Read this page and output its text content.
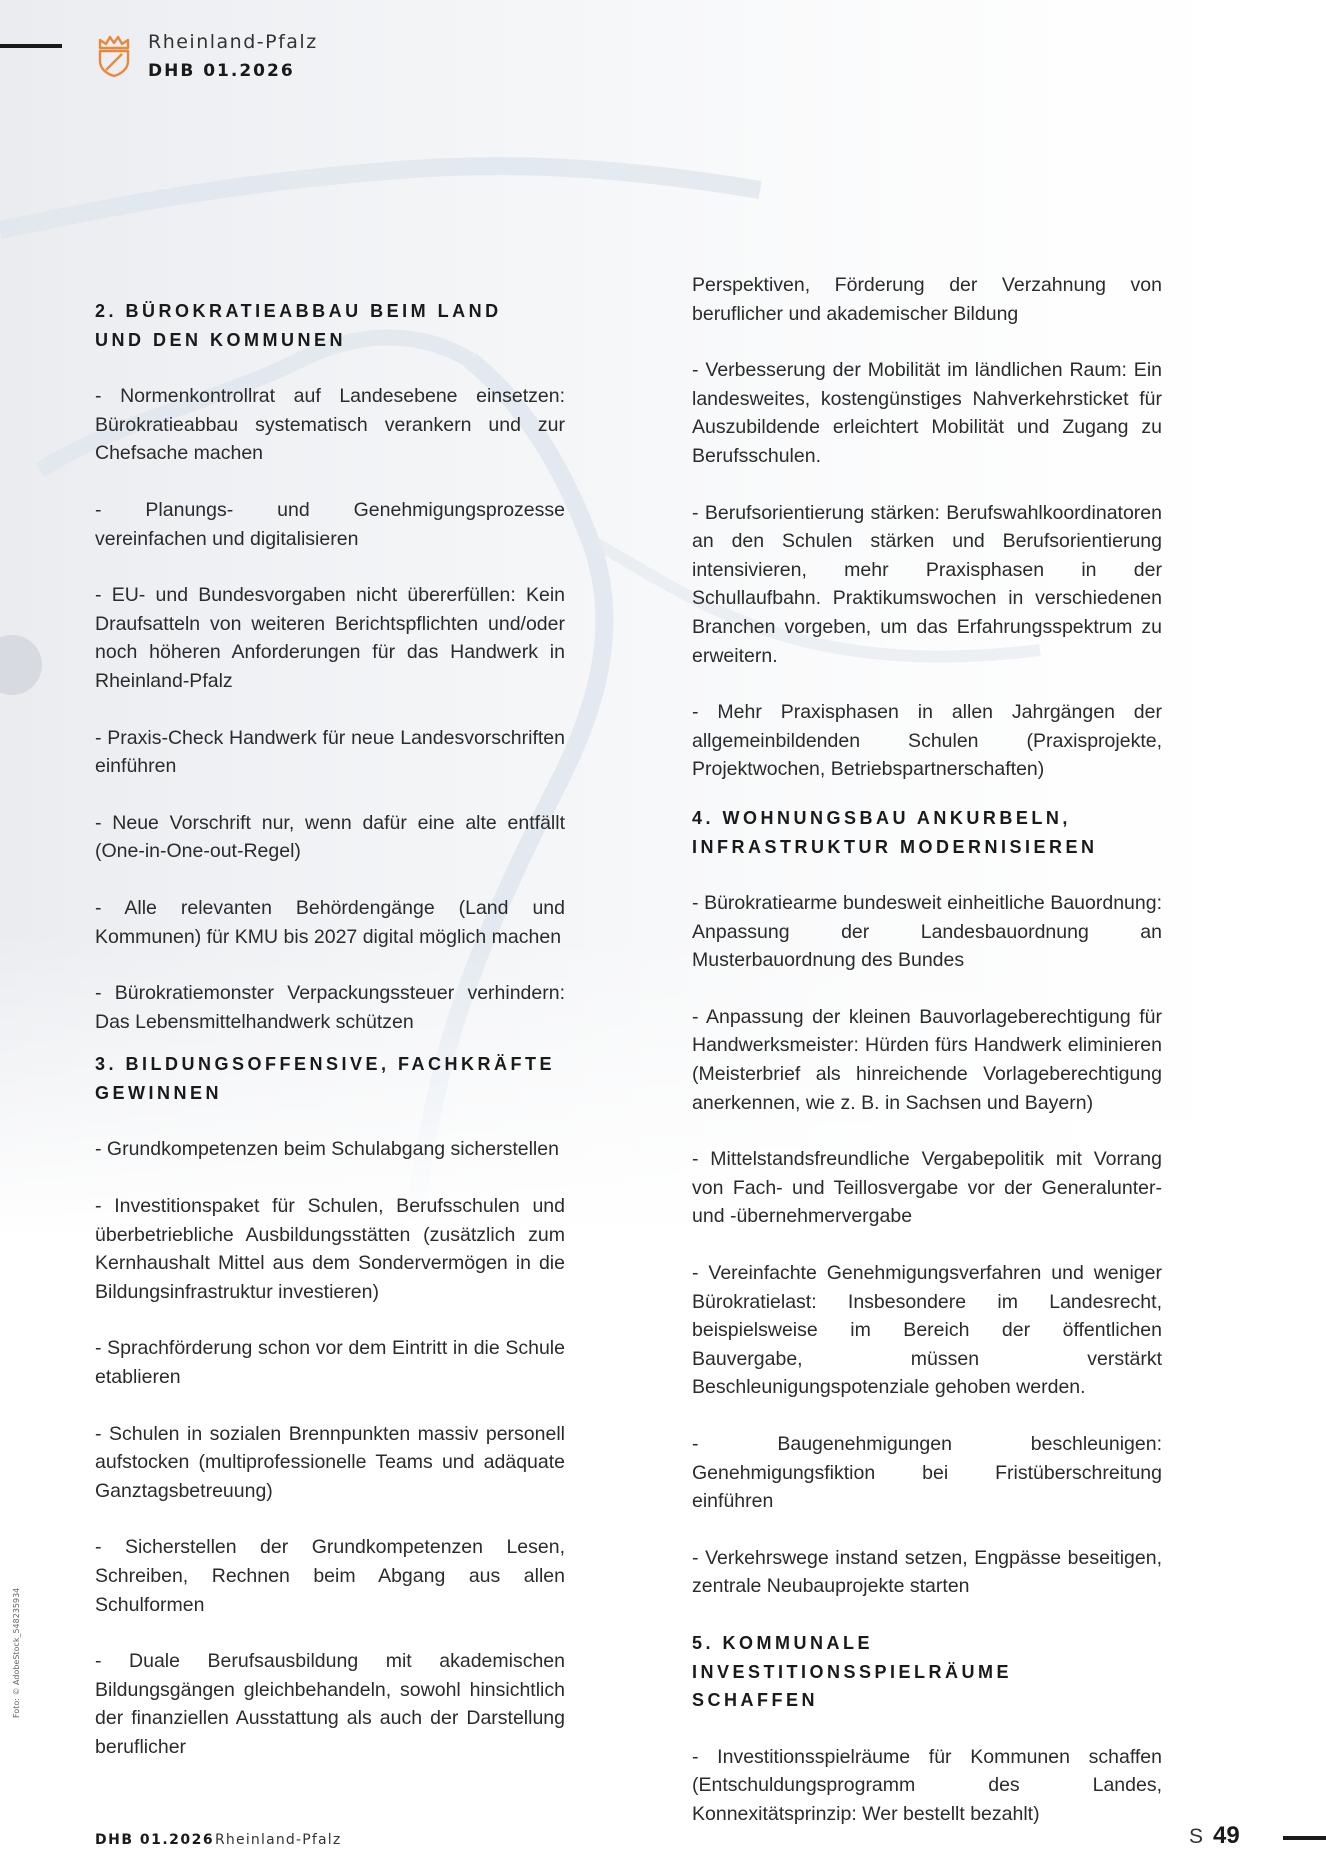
Rheinland-Pfalz
DHB 01.2026
Foto: © AdobeStock_548235934
2. BÜROKRATIEABBAU BEIM LAND
UND DEN KOMMUNEN

- Normenkontrollrat auf Landesebene einsetzen: Bürokratieabbau systematisch verankern und zur Chefsache machen

- Planungs- und Genehmigungsprozesse vereinfachen und digitalisieren

- EU- und Bundesvorgaben nicht übererfüllen: Kein Draufsatteln von weiteren Berichtspflichten und/oder noch höheren Anforderungen für das Handwerk in Rheinland-Pfalz

- Praxis-Check Handwerk für neue Landesvorschriften einführen

- Neue Vorschrift nur, wenn dafür eine alte entfällt (One-in-One-out-Regel)

- Alle relevanten Behördengänge (Land und Kommunen) für KMU bis 2027 digital möglich machen

- Bürokratiemonster Verpackungssteuer verhindern: Das Lebensmittelhandwerk schützen

3. BILDUNGSOFFENSIVE, FACHKRÄFTE
GEWINNEN

- Grundkompetenzen beim Schulabgang sicherstellen

- Investitionspaket für Schulen, Berufsschulen und überbetriebliche Ausbildungsstätten (zusätzlich zum Kernhaushalt Mittel aus dem Sondervermögen in die Bildungsinfrastruktur investieren)

- Sprachförderung schon vor dem Eintritt in die Schule etablieren

- Schulen in sozialen Brennpunkten massiv personell aufstocken (multiprofessionelle Teams und adäquate Ganztagsbetreuung)

- Sicherstellen der Grundkompetenzen Lesen, Schreiben, Rechnen beim Abgang aus allen Schulformen

- Duale Berufsausbildung mit akademischen Bildungsgängen gleichbehandeln, sowohl hinsichtlich der finanziellen Ausstattung als auch der Darstellung beruflicher

Perspektiven, Förderung der Verzahnung von beruflicher und akademischer Bildung

- Verbesserung der Mobilität im ländlichen Raum: Ein landesweites, kostengünstiges Nahverkehrsticket für Auszubildende erleichtert Mobilität und Zugang zu Berufsschulen.

- Berufsorientierung stärken: Berufswahlkoordinatoren an den Schulen stärken und Berufsorientierung intensivieren, mehr Praxisphasen in der Schullaufbahn. Praktikumswochen in verschiedenen Branchen vorgeben, um das Erfahrungsspektrum zu erweitern.

- Mehr Praxisphasen in allen Jahrgängen der allgemeinbildenden Schulen (Praxisprojekte, Projektwochen, Betriebspartnerschaften)

4. WOHNUNGSBAU ANKURBELN,
INFRASTRUKTUR MODERNISIEREN

- Bürokratiearme bundesweit einheitliche Bauordnung: Anpassung der Landesbauordnung an Musterbauordnung des Bundes

- Anpassung der kleinen Bauvorlageberechtigung für Handwerksmeister: Hürden fürs Handwerk eliminieren (Meisterbrief als hinreichende Vorlageberechtigung anerkennen, wie z. B. in Sachsen und Bayern)

- Mittelstandsfreundliche Vergabepolitik mit Vorrang von Fach- und Teillosvergabe vor der Generalunter- und -übernehmervergabe

- Vereinfachte Genehmigungsverfahren und weniger Bürokratielast: Insbesondere im Landesrecht, beispielsweise im Bereich der öffentlichen Bauvergabe, müssen verstärkt Beschleunigungspotenziale gehoben werden.

- Baugenehmigungen beschleunigen: Genehmigungsfiktion bei Fristüberschreitung einführen

- Verkehrswege instand setzen, Engpässe beseitigen, zentrale Neubauprojekte starten

5. KOMMUNALE INVESTITIONSSPIELRÄUME
SCHAFFEN

- Investitionsspielräume für Kommunen schaffen (Entschuldungsprogramm des Landes, Konnexitätsprinzip: Wer bestellt bezahlt)

DHB 01.2026 Rheinland-Pfalz	S 49
